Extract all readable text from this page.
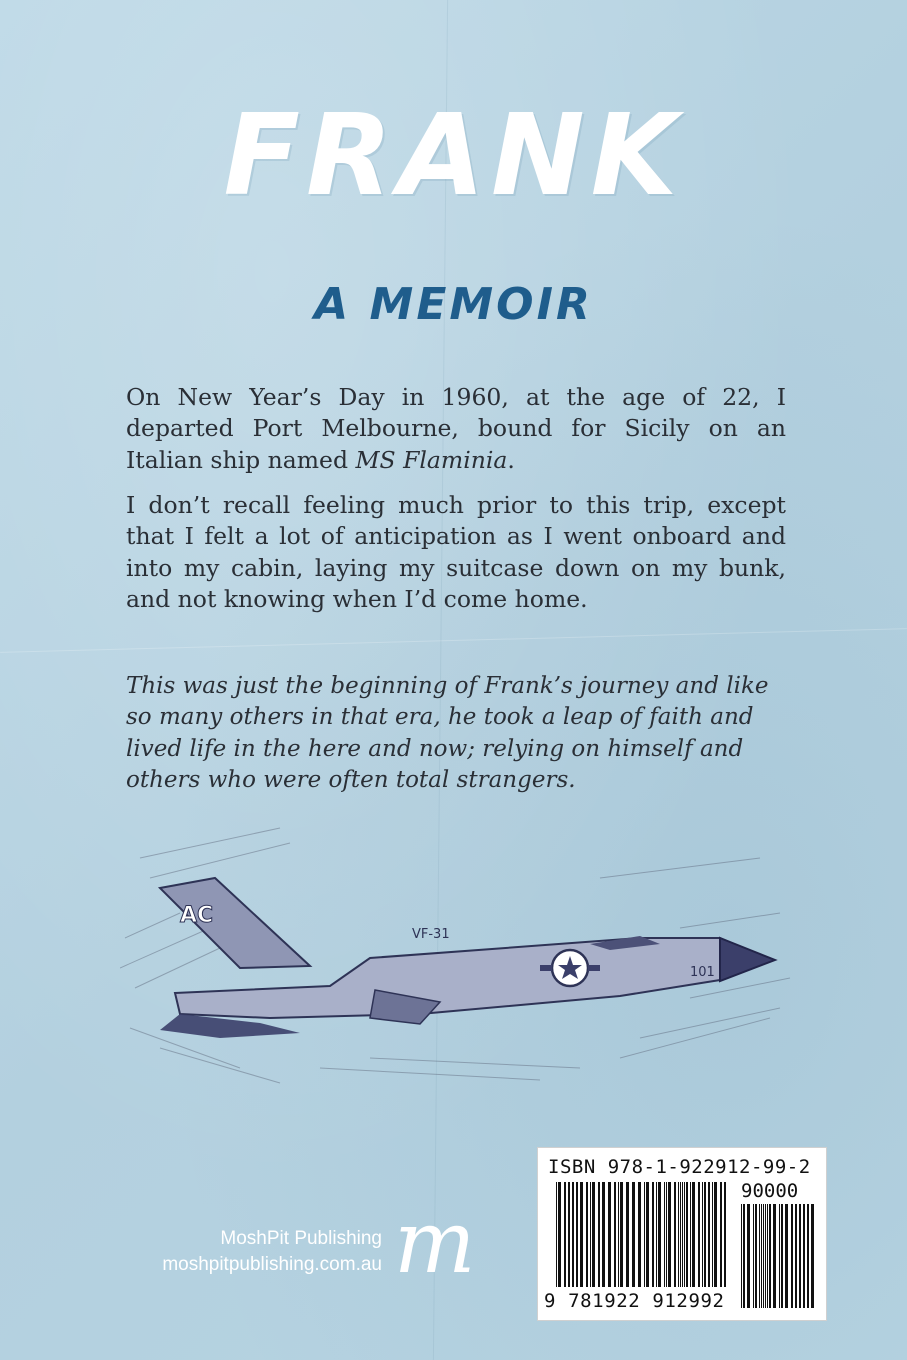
FRANK
A MEMOIR

On New Year’s Day in 1960, at the age of 22, I departed Port Melbourne, bound for Sicily on an Italian ship named MS Flaminia.

I don’t recall feeling much prior to this trip, except that I felt a lot of anticipation as I went onboard and into my cabin, laying my suitcase down on my bunk, and not knowing when I’d come home.

This was just the beginning of Frank’s journey and like so many others in that era, he took a leap of faith and lived life in the here and now; relying on himself and others who were often total strangers.

AC
VF-31
101
MoshPit Publishing
moshpitpublishing.com.au m
ISBN 978-1-922912-99-2
90000
9 781922 912992
